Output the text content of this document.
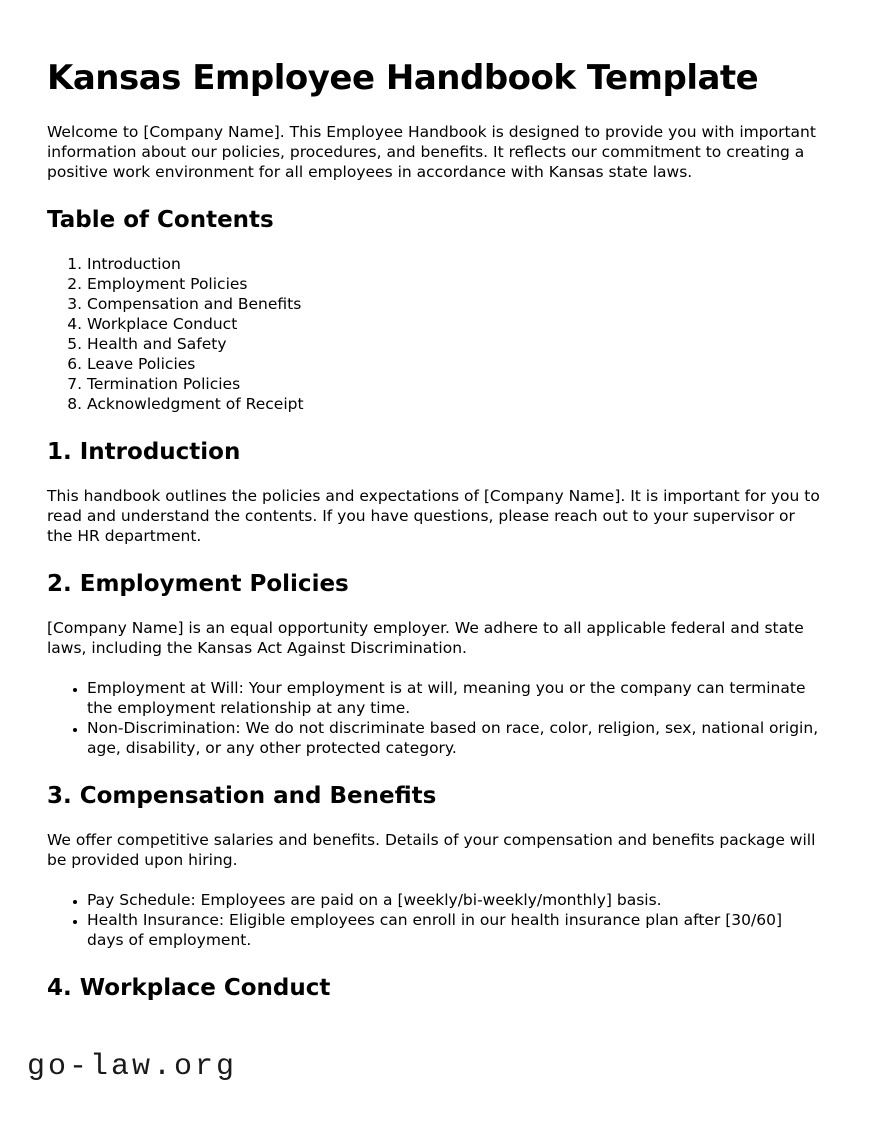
Kansas Employee Handbook Template

Welcome to [Company Name]. This Employee Handbook is designed to provide you with important information about our policies, procedures, and benefits. It reflects our commitment to creating a positive work environment for all employees in accordance with Kansas state laws.

Table of Contents
1. Introduction
2. Employment Policies
3. Compensation and Benefits
4. Workplace Conduct
5. Health and Safety
6. Leave Policies
7. Termination Policies
8. Acknowledgment of Receipt
1. Introduction

This handbook outlines the policies and expectations of [Company Name]. It is important for you to read and understand the contents. If you have questions, please reach out to your supervisor or the HR department.

2. Employment Policies

[Company Name] is an equal opportunity employer. We adhere to all applicable federal and state laws, including the Kansas Act Against Discrimination.

• Employment at Will: Your employment is at will, meaning you or the company can terminate the employment relationship at any time.
• Non-Discrimination: We do not discriminate based on race, color, religion, sex, national origin, age, disability, or any other protected category.
3. Compensation and Benefits

We offer competitive salaries and benefits. Details of your compensation and benefits package will be provided upon hiring.

• Pay Schedule: Employees are paid on a [weekly/bi-weekly/monthly] basis.
• Health Insurance: Eligible employees can enroll in our health insurance plan after [30/60] days of employment.
4. Workplace Conduct
go-law.org
